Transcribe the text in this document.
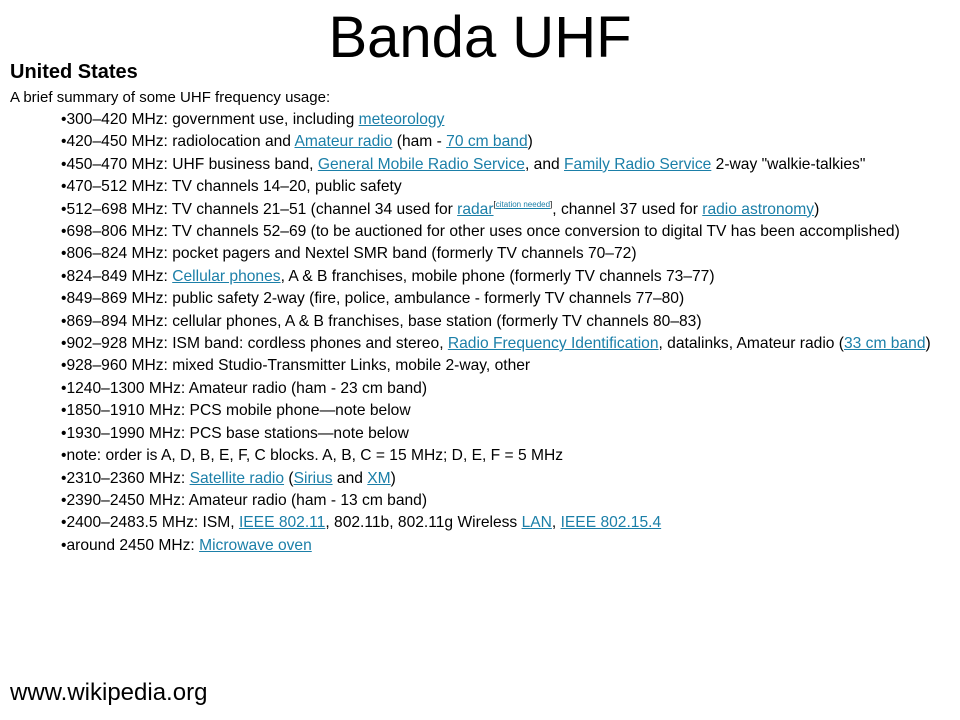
Banda UHF
United States

A brief summary of some UHF frequency usage:

•300–420 MHz: government use, including meteorology
•420–450 MHz: radiolocation and Amateur radio (ham - 70 cm band)
•450–470 MHz: UHF business band, General Mobile Radio Service, and Family Radio Service 2-way "walkie-talkies"
•470–512 MHz: TV channels 14–20, public safety
•512–698 MHz: TV channels 21–51 (channel 34 used for radar[citation needed], channel 37 used for radio astronomy)
•698–806 MHz: TV channels 52–69 (to be auctioned for other uses once conversion to digital TV has been accomplished)
•806–824 MHz: pocket pagers and Nextel SMR band (formerly TV channels 70–72)
•824–849 MHz: Cellular phones, A & B franchises, mobile phone (formerly TV channels 73–77)
•849–869 MHz: public safety 2-way (fire, police, ambulance - formerly TV channels 77–80)
•869–894 MHz: cellular phones, A & B franchises, base station (formerly TV channels 80–83)
•902–928 MHz: ISM band: cordless phones and stereo, Radio Frequency Identification, datalinks, Amateur radio (33 cm band)
•928–960 MHz: mixed Studio-Transmitter Links, mobile 2-way, other
•1240–1300 MHz: Amateur radio (ham - 23 cm band)
•1850–1910 MHz: PCS mobile phone—note below
•1930–1990 MHz: PCS base stations—note below
•note: order is A, D, B, E, F, C blocks. A, B, C = 15 MHz; D, E, F = 5 MHz
•2310–2360 MHz: Satellite radio (Sirius and XM)
•2390–2450 MHz: Amateur radio (ham - 13 cm band)
•2400–2483.5 MHz: ISM, IEEE 802.11, 802.11b, 802.11g Wireless LAN, IEEE 802.15.4
•around 2450 MHz: Microwave oven
www.wikipedia.org
